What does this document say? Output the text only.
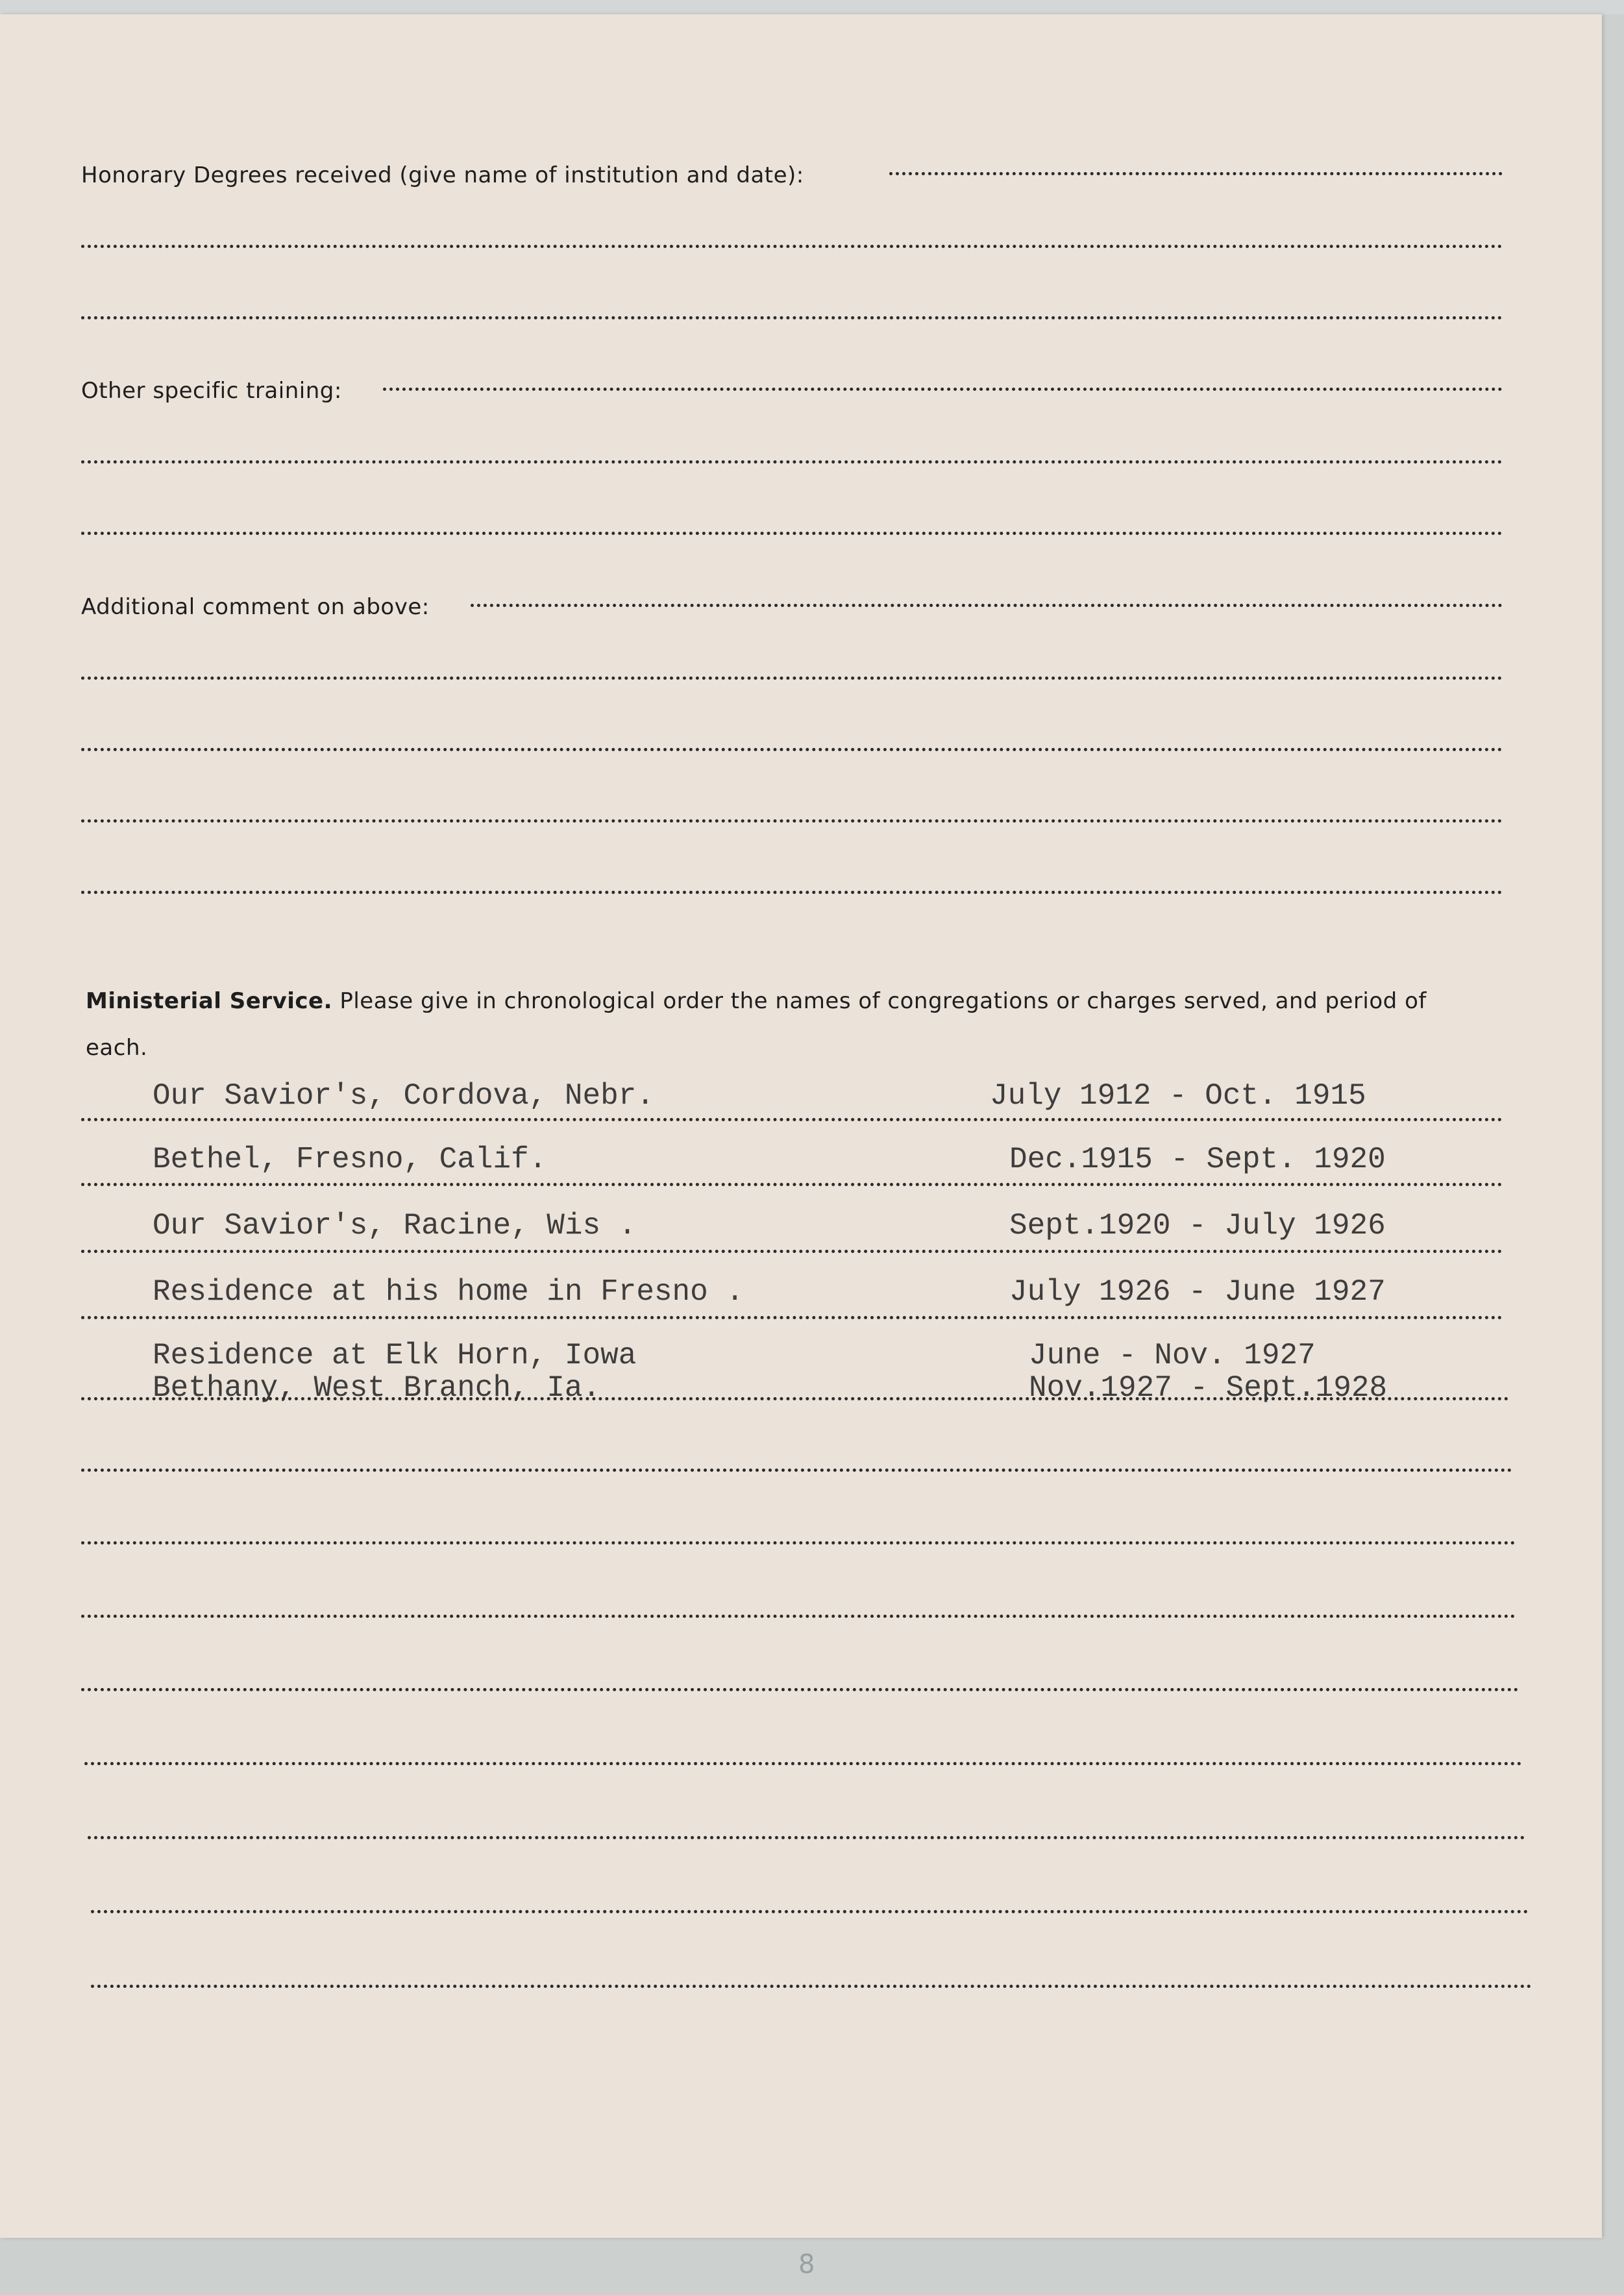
Honorary Degrees received (give name of institution and date):
Other specific training:
Additional comment on above:
Ministerial Service. Please give in chronological order the names of congregations or charges served, and period of
each.
Our Savior's, Cordova, Nebr.	July 1912 - Oct. 1915
Bethel, Fresno, Calif.	Dec.1915 - Sept. 1920
Our Savior's, Racine, Wis .	Sept.1920 - July 1926
Residence at his home in Fresno .	July 1926 - June 1927
Residence at Elk Horn, Iowa	June - Nov. 1927
Bethany, West Branch, Ia.	Nov.1927 - Sept.1928
8
